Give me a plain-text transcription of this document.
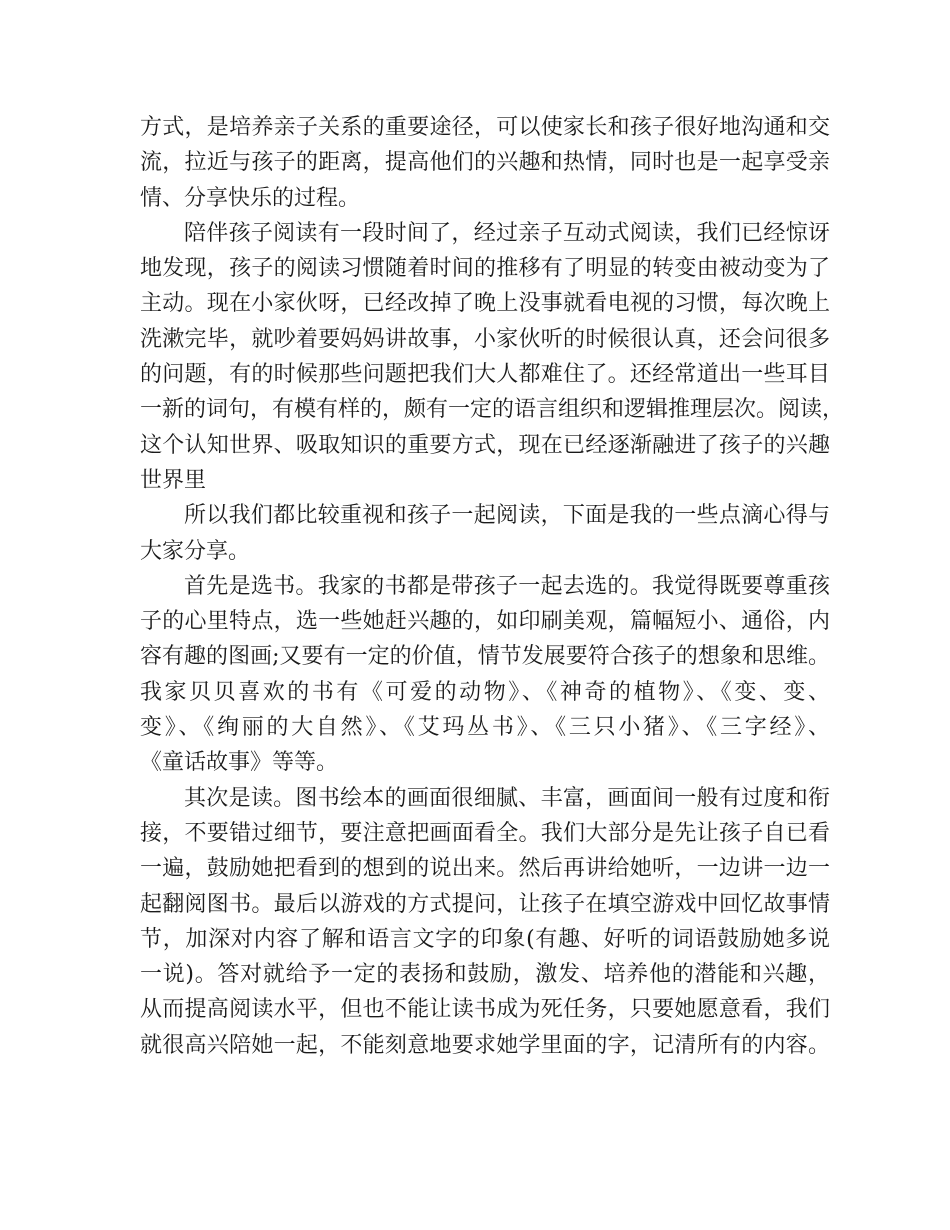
方式，是培养亲子关系的重要途径，可以使家长和孩子很好地沟通和交
流，拉近与孩子的距离，提高他们的兴趣和热情，同时也是一起享受亲
情、分享快乐的过程。
陪伴孩子阅读有一段时间了，经过亲子互动式阅读，我们已经惊讶
地发现，孩子的阅读习惯随着时间的推移有了明显的转变由被动变为了
主动。现在小家伙呀，已经改掉了晚上没事就看电视的习惯，每次晚上
洗漱完毕，就吵着要妈妈讲故事，小家伙听的时候很认真，还会问很多
的问题，有的时候那些问题把我们大人都难住了。还经常道出一些耳目
一新的词句，有模有样的，颇有一定的语言组织和逻辑推理层次。阅读，
这个认知世界、吸取知识的重要方式，现在已经逐渐融进了孩子的兴趣
世界里
所以我们都比较重视和孩子一起阅读，下面是我的一些点滴心得与
大家分享。
首先是选书。我家的书都是带孩子一起去选的。我觉得既要尊重孩
子的心里特点，选一些她赶兴趣的，如印刷美观，篇幅短小、通俗，内
容有趣的图画;又要有一定的价值，情节发展要符合孩子的想象和思维。
我家贝贝喜欢的书有《可爱的动物》、《神奇的植物》、《变、变、
变》、《绚丽的大自然》、《艾玛丛书》、《三只小猪》、《三字经》、
《童话故事》等等。
其次是读。图书绘本的画面很细腻、丰富，画面间一般有过度和衔
接，不要错过细节，要注意把画面看全。我们大部分是先让孩子自已看
一遍，鼓励她把看到的想到的说出来。然后再讲给她听，一边讲一边一
起翻阅图书。最后以游戏的方式提问，让孩子在填空游戏中回忆故事情
节，加深对内容了解和语言文字的印象(有趣、好听的词语鼓励她多说
一说)。答对就给予一定的表扬和鼓励，激发、培养他的潜能和兴趣，
从而提高阅读水平，但也不能让读书成为死任务，只要她愿意看，我们
就很高兴陪她一起，不能刻意地要求她学里面的字，记清所有的内容。
